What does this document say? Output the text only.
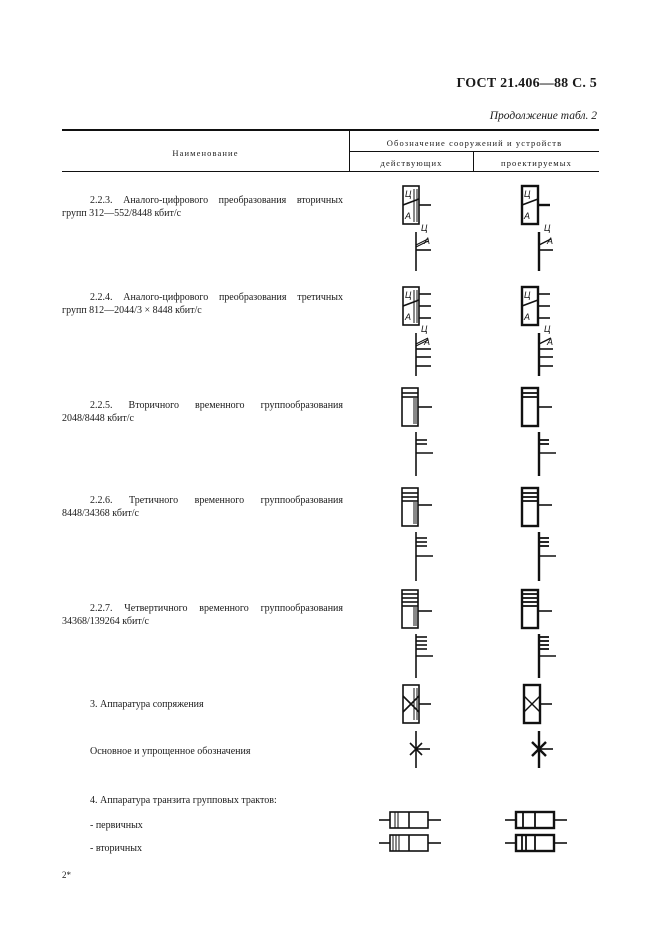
ГОСТ 21.406—88 С. 5
Продолжение табл. 2
Наименование
Обозначение сооружений и устройств
действующих	проектируемых
2.2.3. Аналого-цифрового преобразования вторичных
групп 312—552/8448 кбит/с
2.2.4. Аналого-цифрового преобразования третичных
групп 812—2044/3 × 8448 кбит/с
2.2.5. Вторичного временного группообразования
2048/8448 кбит/с
2.2.6. Третичного временного группообразования
8448/34368 кбит/с
2.2.7. Четвертичного временного группообразования
34368/139264 кбит/с
3. Аппаратура сопряжения
Основное и упрощенное обозначения
4. Аппаратура транзита групповых трактов:
- первичных
- вторичных
2*
Ц
А
Ц
А
Ц
А
Ц
А
Ц
А
Ц
А
Ц
А
Ц
А
